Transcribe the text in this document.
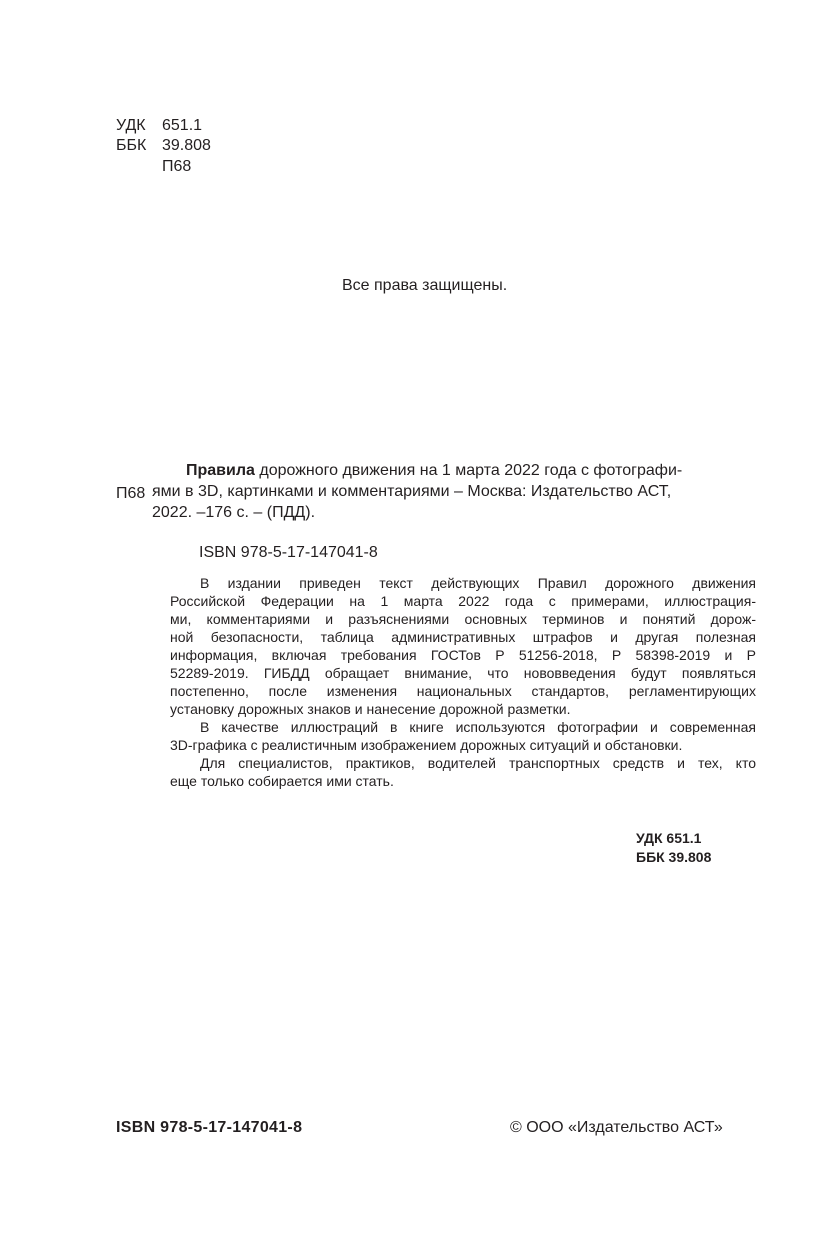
УДК 651.1
ББК 39.808
П68
Все права защищены.
П68
Правила дорожного движения на 1 марта 2022 года с фотографи-
ями в 3D, картинками и комментариями – Москва: Издательство АСТ,
2022. –176 с. – (ПДД).
ISBN 978-5-17-147041-8
В издании приведен текст действующих Правил дорожного движения
Российской Федерации на 1 марта 2022 года с примерами, иллюстрация-
ми, комментариями и разъяснениями основных терминов и понятий дорож-
ной безопасности, таблица административных штрафов и другая полезная
информация, включая требования ГОСТов Р 51256-2018, Р 58398-2019 и Р
52289-2019. ГИБДД обращает внимание, что нововведения будут появляться
постепенно, после изменения национальных стандартов, регламентирующих
установку дорожных знаков и нанесение дорожной разметки.
В качестве иллюстраций в книге используются фотографии и современная
3D-графика с реалистичным изображением дорожных ситуаций и обстановки.
Для специалистов, практиков, водителей транспортных средств и тех, кто
еще только собирается ими стать.
УДК 651.1
ББК 39.808
ISBN 978-5-17-147041-8	© ООО «Издательство АСТ»
